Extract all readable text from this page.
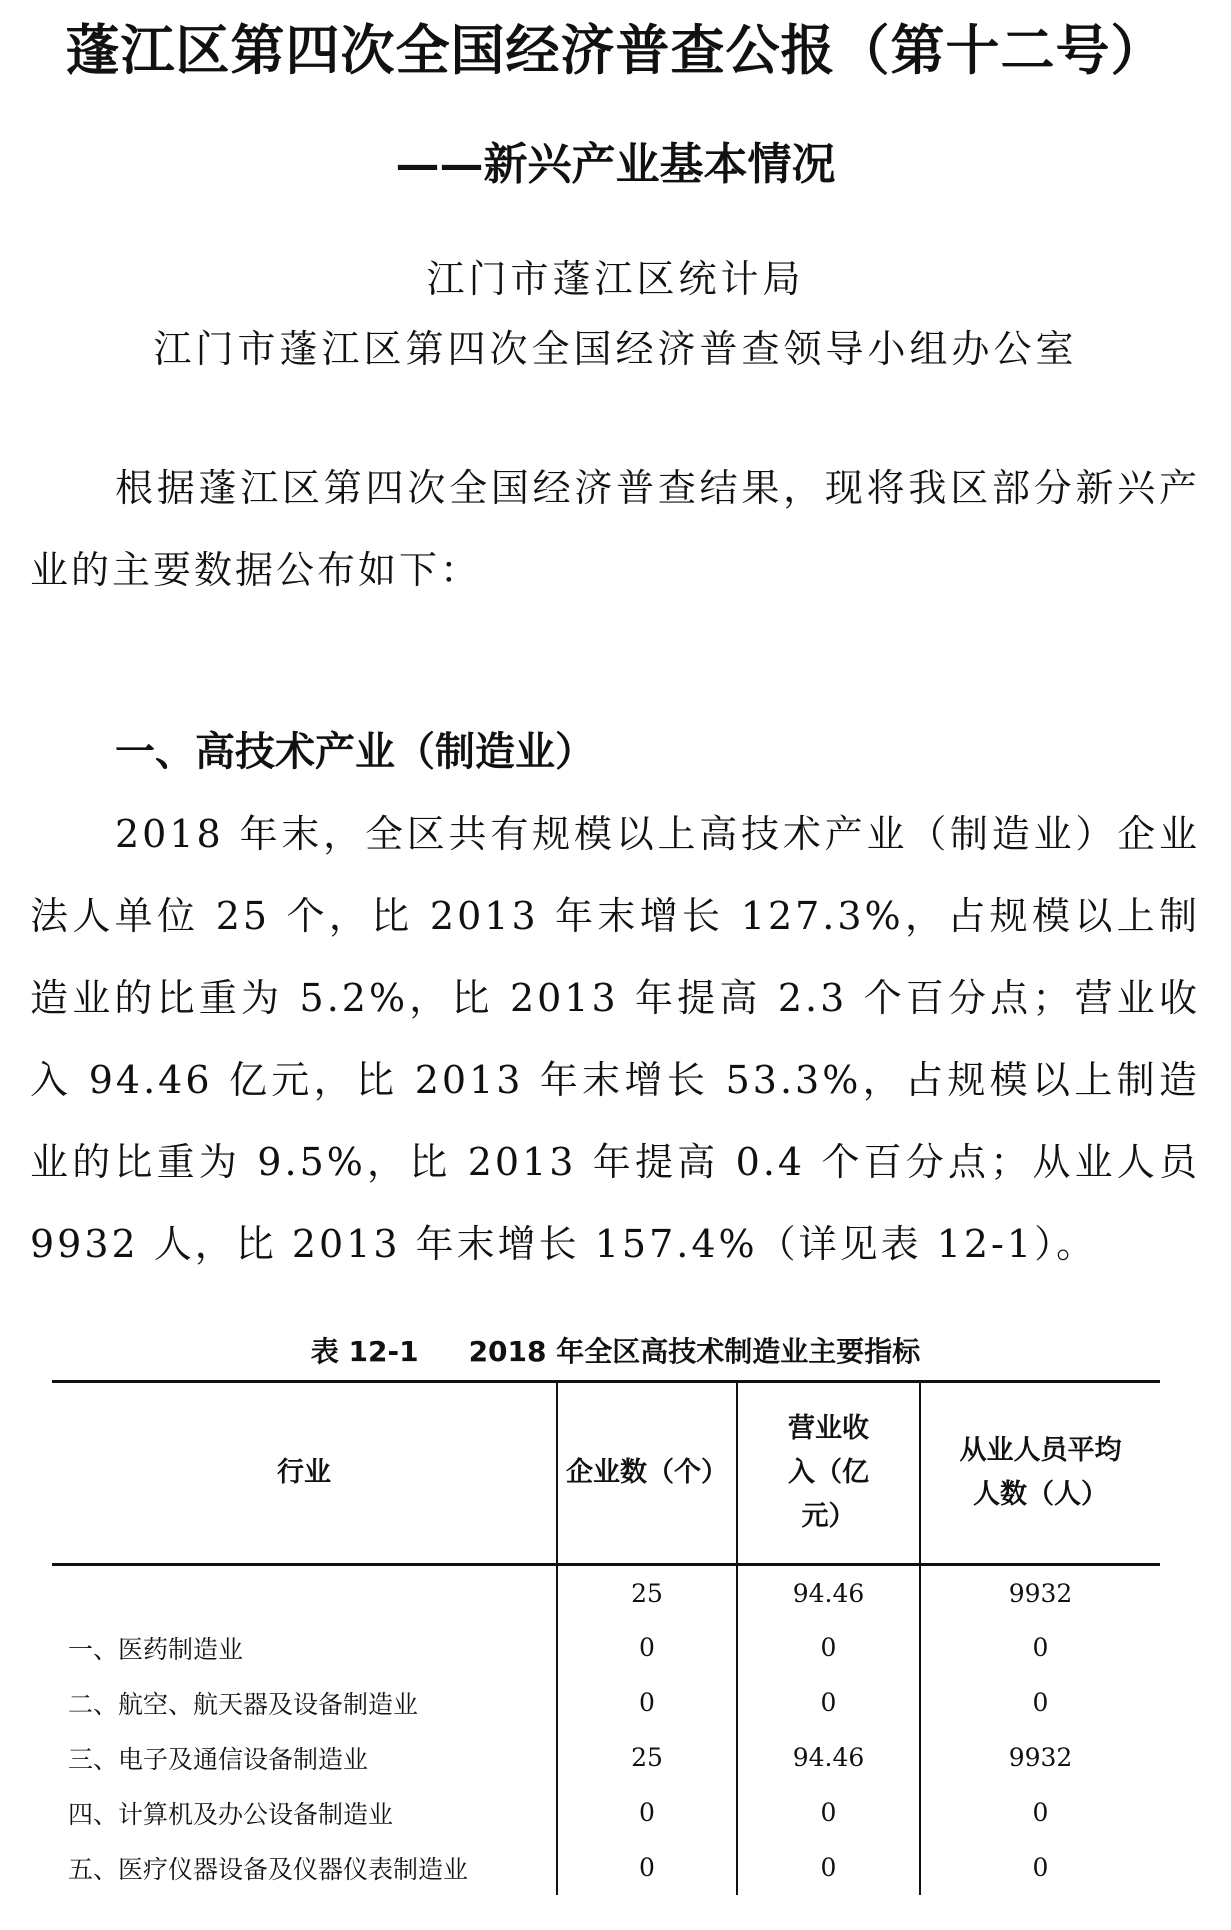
蓬江区第四次全国经济普查公报（第十二号）
——新兴产业基本情况
江门市蓬江区统计局
江门市蓬江区第四次全国经济普查领导小组办公室

根据蓬江区第四次全国经济普查结果，现将我区部分新兴产业的主要数据公布如下：

一、高技术产业（制造业）

2018 年末，全区共有规模以上高技术产业（制造业）企业法人单位 25 个，比 2013 年末增长 127.3%，占规模以上制造业的比重为 5.2%，比 2013 年提高 2.3 个百分点；营业收入 94.46 亿元，比 2013 年末增长 53.3%，占规模以上制造业的比重为 9.5%，比 2013 年提高 0.4 个百分点；从业人员 9932 人，比 2013 年末增长 157.4%（详见表 12-1）。

表 12-1 2018 年全区高技术制造业主要指标
行业	企业数（个）	营业收入（亿元）	从业人员平均人数（人）
	25	94.46	9932
一、医药制造业	0	0	0
二、航空、航天器及设备制造业	0	0	0
三、电子及通信设备制造业	25	94.46	9932
四、计算机及办公设备制造业	0	0	0
五、医疗仪器设备及仪器仪表制造业	0	0	0
